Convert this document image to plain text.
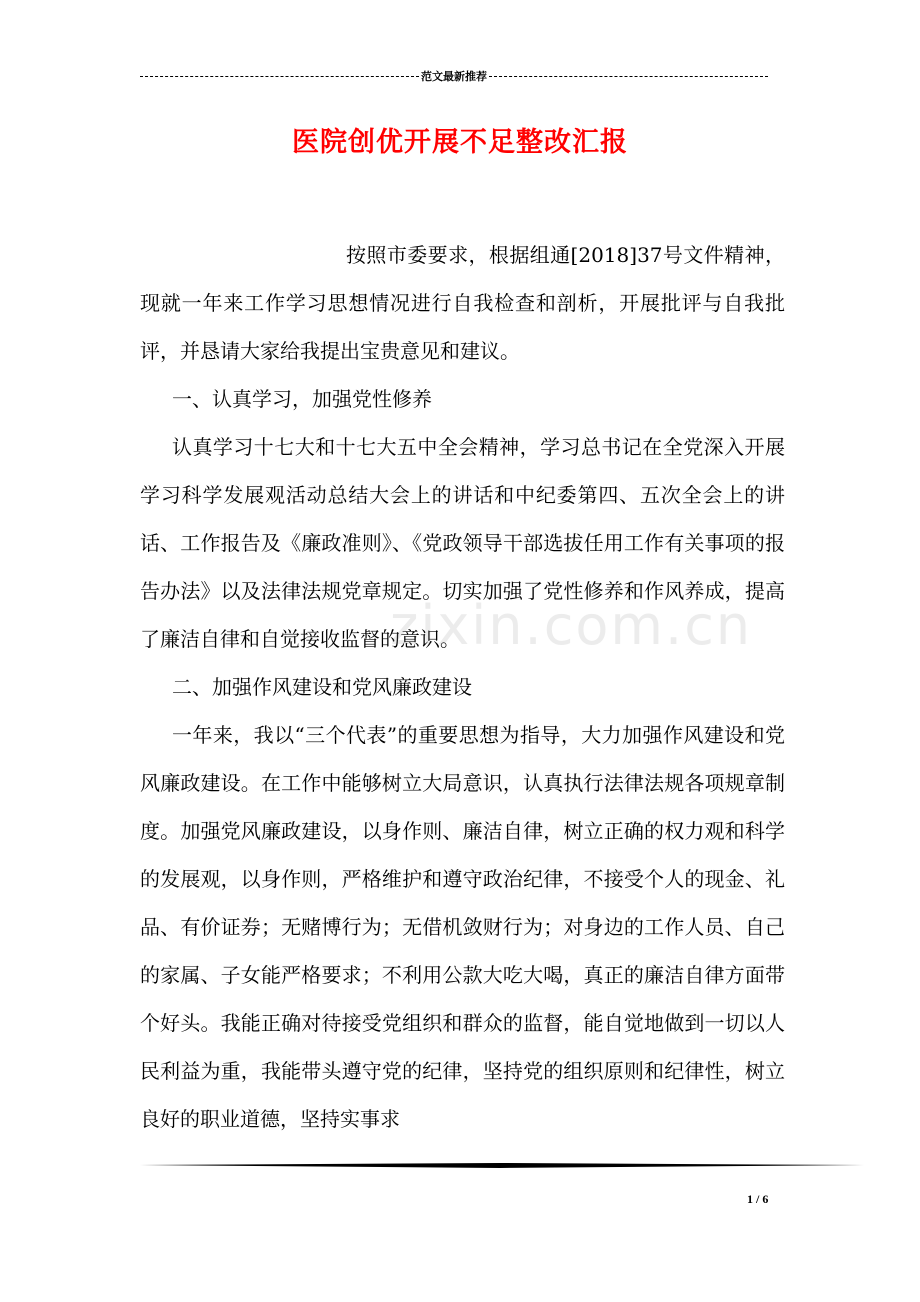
范文最新推荐
医院创优开展不足整改汇报

按照市委要求，根据组通[2018]37号文件精神，现就一年来工作学习思想情况进行自我检查和剖析，开展批评与自我批评，并恳请大家给我提出宝贵意见和建议。

一、认真学习，加强党性修养

认真学习十七大和十七大五中全会精神，学习总书记在全党深入开展学习科学发展观活动总结大会上的讲话和中纪委第四、五次全会上的讲话、工作报告及《廉政准则》、《党政领导干部选拔任用工作有关事项的报告办法》以及法律法规党章规定。切实加强了党性修养和作风养成，提高了廉洁自律和自觉接收监督的意识。

二、加强作风建设和党风廉政建设

一年来，我以“三个代表”的重要思想为指导，大力加强作风建设和党风廉政建设。在工作中能够树立大局意识，认真执行法律法规各项规章制度。加强党风廉政建设，以身作则、廉洁自律，树立正确的权力观和科学的发展观，以身作则，严格维护和遵守政治纪律，不接受个人的现金、礼品、有价证券；无赌博行为；无借机敛财行为；对身边的工作人员、自己的家属、子女能严格要求；不利用公款大吃大喝，真正的廉洁自律方面带个好头。我能正确对待接受党组织和群众的监督，能自觉地做到一切以人民利益为重，我能带头遵守党的纪律，坚持党的组织原则和纪律性，树立良好的职业道德，坚持实事求

zixin.com.cn
1 / 6
